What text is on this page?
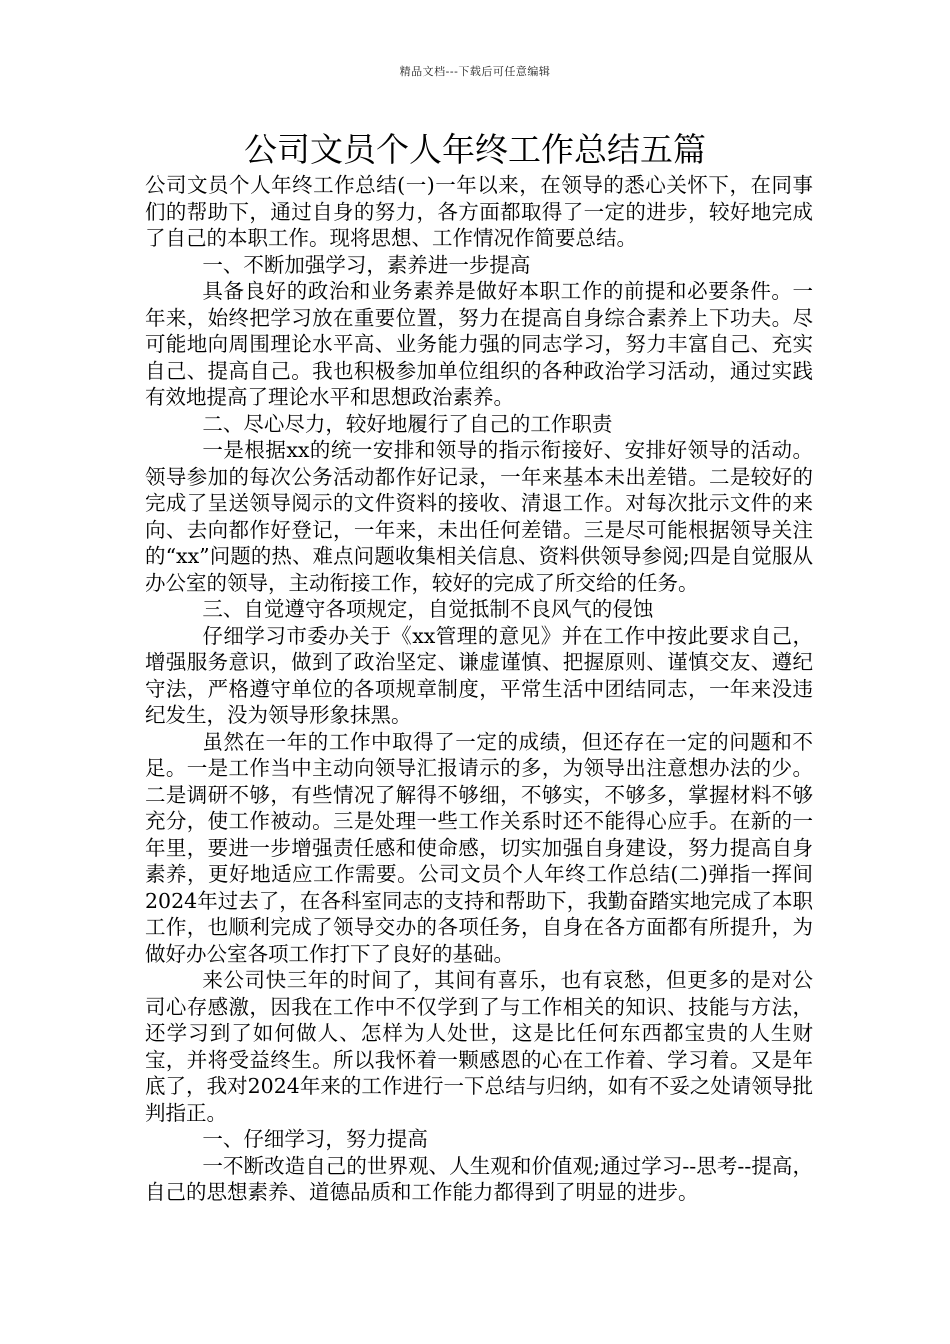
精品文档---下载后可任意编辑
公司文员个人年终工作总结五篇

公司文员个人年终工作总结(一)一年以来，在领导的悉心关怀下，在同事们的帮助下，通过自身的努力，各方面都取得了一定的进步，较好地完成了自己的本职工作。现将思想、工作情况作简要总结。

一、不断加强学习，素养进一步提高

具备良好的政治和业务素养是做好本职工作的前提和必要条件。一年来，始终把学习放在重要位置，努力在提高自身综合素养上下功夫。尽可能地向周围理论水平高、业务能力强的同志学习，努力丰富自己、充实自己、提高自己。我也积极参加单位组织的各种政治学习活动，通过实践有效地提高了理论水平和思想政治素养。

二、尽心尽力，较好地履行了自己的工作职责

一是根据xx的统一安排和领导的指示衔接好、安排好领导的活动。领导参加的每次公务活动都作好记录，一年来基本未出差错。二是较好的完成了呈送领导阅示的文件资料的接收、清退工作。对每次批示文件的来向、去向都作好登记，一年来，未出任何差错。三是尽可能根据领导关注的“xx”问题的热、难点问题收集相关信息、资料供领导参阅;四是自觉服从办公室的领导，主动衔接工作，较好的完成了所交给的任务。

三、自觉遵守各项规定，自觉抵制不良风气的侵蚀

仔细学习市委办关于《xx管理的意见》并在工作中按此要求自己，增强服务意识，做到了政治坚定、谦虚谨慎、把握原则、谨慎交友、遵纪守法，严格遵守单位的各项规章制度，平常生活中团结同志，一年来没违纪发生，没为领导形象抹黑。

虽然在一年的工作中取得了一定的成绩，但还存在一定的问题和不足。一是工作当中主动向领导汇报请示的多，为领导出注意想办法的少。二是调研不够，有些情况了解得不够细，不够实，不够多，掌握材料不够充分，使工作被动。三是处理一些工作关系时还不能得心应手。在新的一年里，要进一步增强责任感和使命感，切实加强自身建设，努力提高自身素养，更好地适应工作需要。公司文员个人年终工作总结(二)弹指一挥间2024年过去了，在各科室同志的支持和帮助下，我勤奋踏实地完成了本职工作，也顺利完成了领导交办的各项任务，自身在各方面都有所提升，为做好办公室各项工作打下了良好的基础。

来公司快三年的时间了，其间有喜乐，也有哀愁，但更多的是对公司心存感激，因我在工作中不仅学到了与工作相关的知识、技能与方法，还学习到了如何做人、怎样为人处世，这是比任何东西都宝贵的人生财宝，并将受益终生。所以我怀着一颗感恩的心在工作着、学习着。又是年底了，我对2024年来的工作进行一下总结与归纳，如有不妥之处请领导批判指正。

一、仔细学习，努力提高

一不断改造自己的世界观、人生观和价值观;通过学习--思考--提高，自己的思想素养、道德品质和工作能力都得到了明显的进步。
